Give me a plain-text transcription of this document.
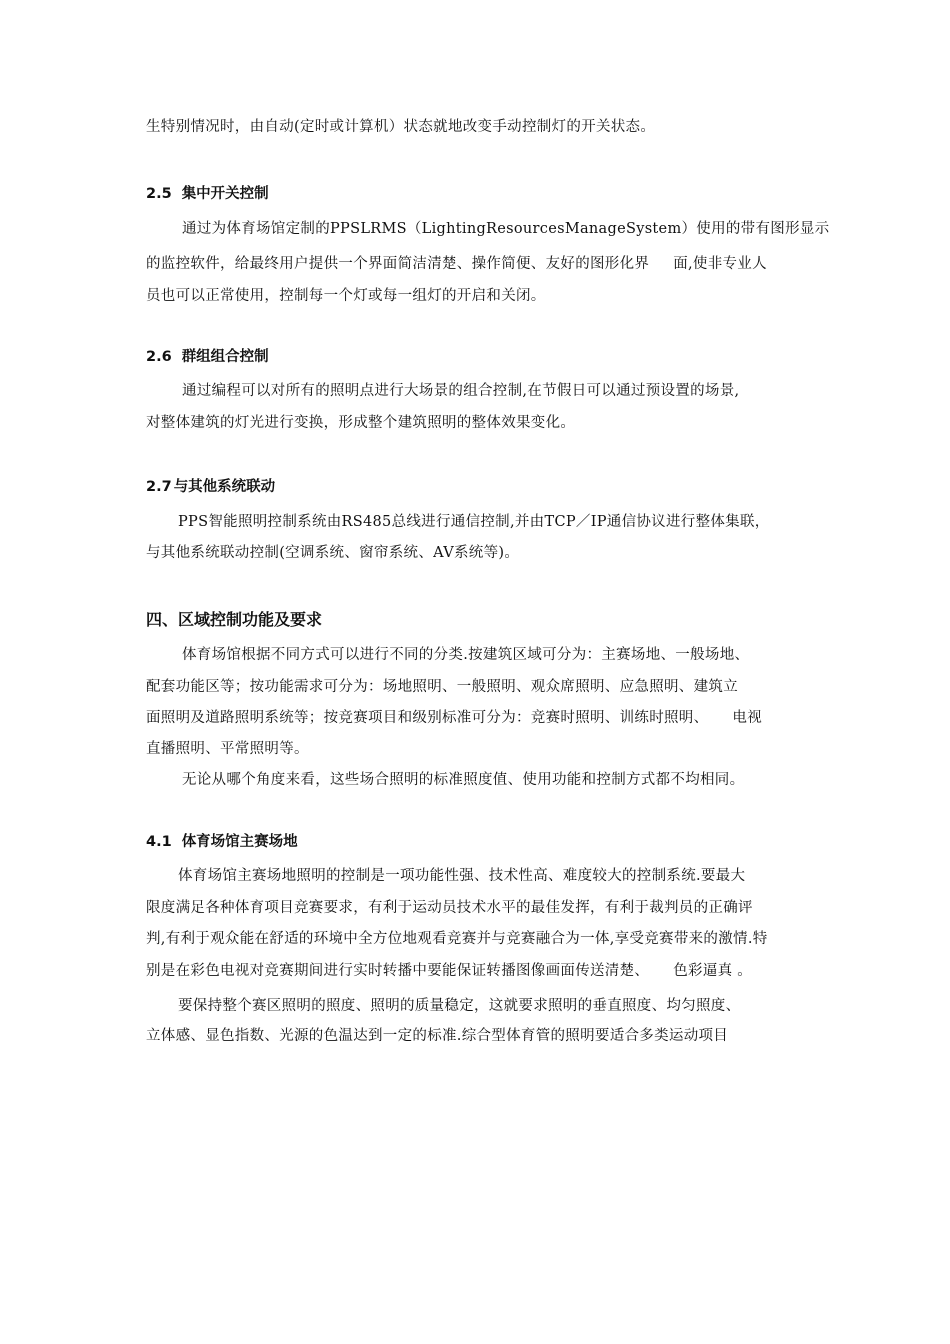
生特别情况时，由自动(定时或计算机）状态就地改变手动控制灯的开关状态。
2.5 集中开关控制
通过为体育场馆定制的PPSLRMS（LightingResourcesManageSystem）使用的带有图形显示
的监控软件，给最终用户提供一个界面简洁清楚、操作简便、友好的图形化界 面,使非专业人
员也可以正常使用，控制每一个灯或每一组灯的开启和关闭。
2.6 群组组合控制
通过编程可以对所有的照明点进行大场景的组合控制,在节假日可以通过预设置的场景,
对整体建筑的灯光进行变换，形成整个建筑照明的整体效果变化。
2.7 与其他系统联动
PPS智能照明控制系统由RS485总线进行通信控制,并由TCP／IP通信协议进行整体集联，
与其他系统联动控制(空调系统、窗帘系统、AV系统等)。
四、区域控制功能及要求
体育场馆根据不同方式可以进行不同的分类.按建筑区域可分为：主赛场地、一般场地、
配套功能区等；按功能需求可分为：场地照明、一般照明、观众席照明、应急照明、建筑立
面照明及道路照明系统等；按竞赛项目和级别标准可分为：竞赛时照明、训练时照明、 电视
直播照明、平常照明等。
无论从哪个角度来看，这些场合照明的标准照度值、使用功能和控制方式都不均相同。
4.1 体育场馆主赛场地
体育场馆主赛场地照明的控制是一项功能性强、技术性高、难度较大的控制系统.要最大
限度满足各种体育项目竞赛要求，有利于运动员技术水平的最佳发挥，有利于裁判员的正确评
判,有利于观众能在舒适的环境中全方位地观看竞赛并与竞赛融合为一体,享受竞赛带来的激情.特
别是在彩色电视对竞赛期间进行实时转播中要能保证转播图像画面传送清楚、 色彩逼真 。
要保持整个赛区照明的照度、照明的质量稳定，这就要求照明的垂直照度、均匀照度、
立体感、显色指数、光源的色温达到一定的标准.综合型体育管的照明要适合多类运动项目
